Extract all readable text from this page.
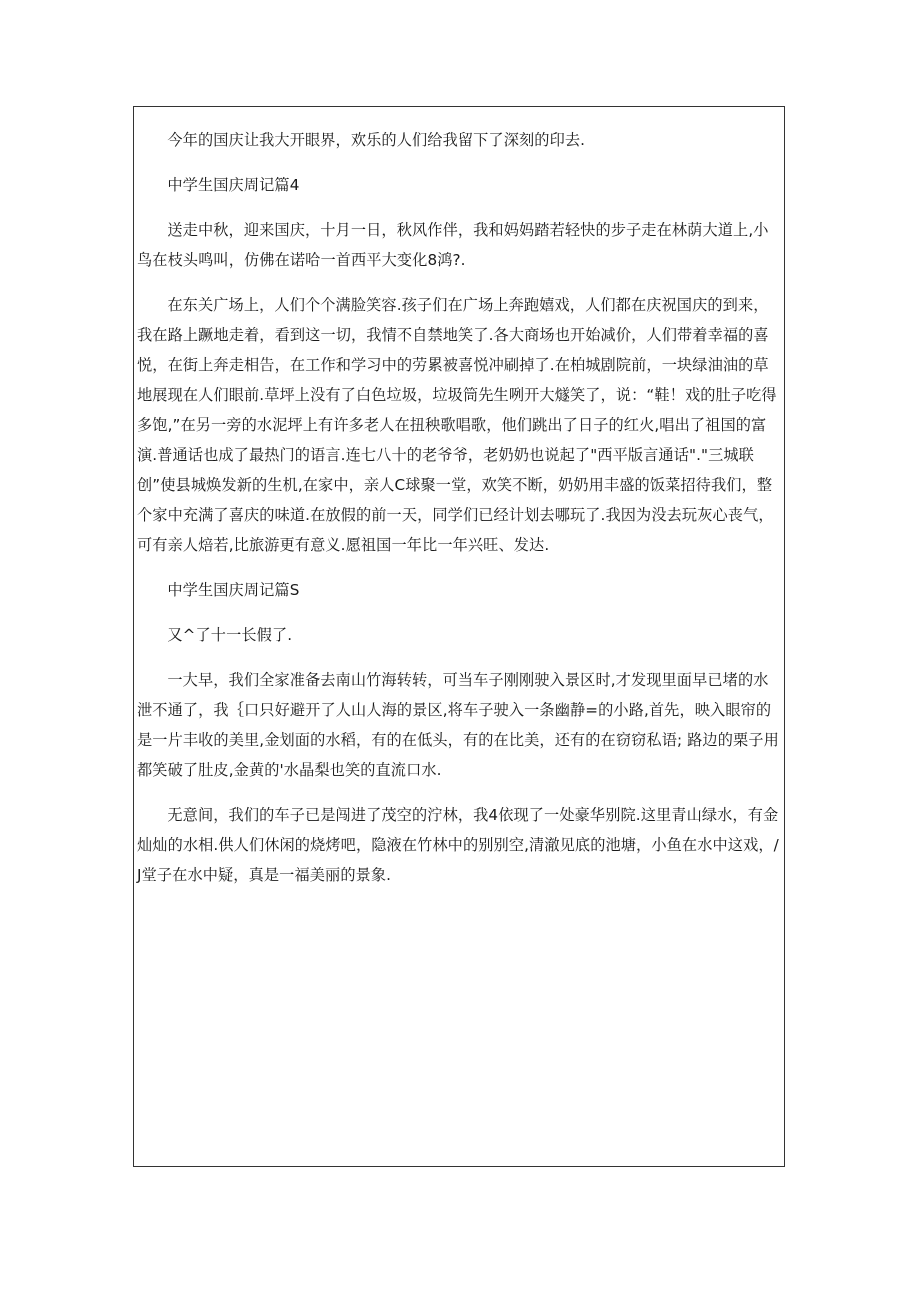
今年的国庆让我大开眼界，欢乐的人们给我留下了深刻的印去.

中学生国庆周记篇4

送走中秋，迎来国庆，十月一日，秋风作伴，我和妈妈踏若轻快的步子走在林荫大道上,小鸟在枝头鸣叫，仿佛在诺哈一首西平大变化8鸿?.

在东关广场上，人们个个满脸笑容.孩子们在广场上奔跑嬉戏，人们都在庆祝国庆的到来，我在路上蹶地走着，看到这一切，我情不自禁地笑了.各大商场也开始减价，人们带着幸福的喜悦，在街上奔走相告，在工作和学习中的劳累被喜悦冲刷掉了.在柏城剧院前，一块绿油油的草地展现在人们眼前.草坪上没有了白色垃圾，垃圾筒先生咧开大燧笑了，说：“鞋！戏的肚子吃得多饱,”在另一旁的水泥坪上有许多老人在扭秧歌唱歌，他们跳出了日子的红火,唱出了祖国的富演.普通话也成了最热门的语言.连七八十的老爷爷，老奶奶也说起了"西平版言通话"."三城联创”使县城焕发新的生机,在家中，亲人C球聚一堂，欢笑不断，奶奶用丰盛的饭菜招待我们，整个家中充满了喜庆的味道.在放假的前一天，同学们已经计划去哪玩了.我因为没去玩灰心丧气，可有亲人焙若,比旅游更有意义.愿祖国一年比一年兴旺、发达.

中学生国庆周记篇S

又^了十一长假了.

一大早，我们全家准备去南山竹海转转，可当车子刚刚驶入景区时,才发现里面早已堵的水泄不通了，我｛口只好避开了人山人海的景区,将车子驶入一条幽静=的小路,首先，映入眼帘的是一片丰收的美里,金划面的水稻，有的在低头，有的在比美，还有的在窃窃私语; 路边的栗子用都笑破了肚皮,金黄的'水晶梨也笑的直流口水.

无意间，我们的车子已是闯进了茂空的泞林，我4依现了一处豪华别院.这里青山绿水，有金灿灿的水相.供人们休闲的烧烤吧，隐液在竹林中的别别空,清澈见底的池塘，小鱼在水中这戏，/J堂子在水中疑，真是一福美丽的景象.
